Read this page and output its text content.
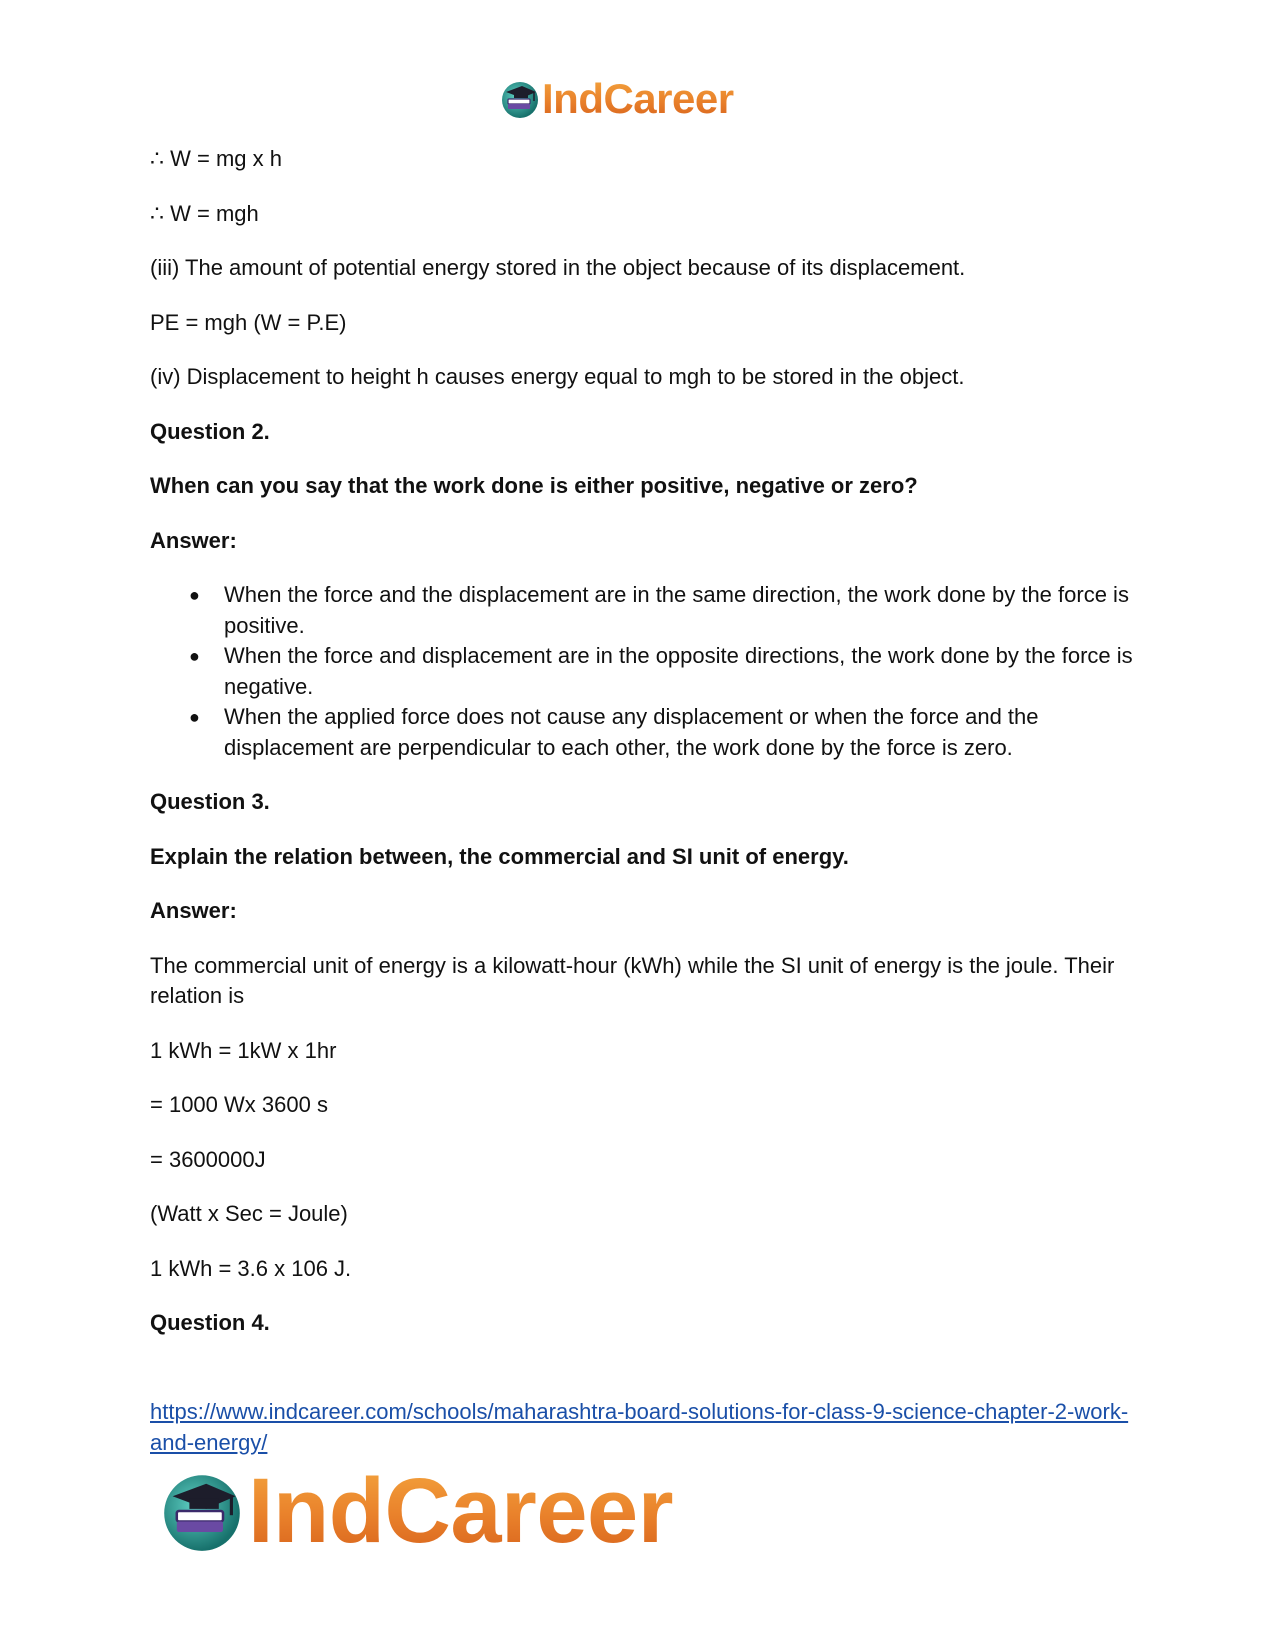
IndCareer

∴ W = mg x h

∴ W = mgh

(iii) The amount of potential energy stored in the object because of its displacement.

PE = mgh (W = P.E)

(iv) Displacement to height h causes energy equal to mgh to be stored in the object.

Question 2.

When can you say that the work done is either positive, negative or zero?

Answer:

● When the force and the displacement are in the same direction, the work done by the force is positive.
● When the force and displacement are in the opposite directions, the work done by the force is negative.
● When the applied force does not cause any displacement or when the force and the displacement are perpendicular to each other, the work done by the force is zero.

Question 3.

Explain the relation between, the commercial and SI unit of energy.

Answer:

The commercial unit of energy is a kilowatt-hour (kWh) while the SI unit of energy is the joule. Their relation is

1 kWh = 1kW x 1hr

= 1000 Wx 3600 s

= 3600000J

(Watt x Sec = Joule)

1 kWh = 3.6 x 106 J.

Question 4.

https://www.indcareer.com/schools/maharashtra-board-solutions-for-class-9-science-chapter-2-work-and-energy/
IndCareer
